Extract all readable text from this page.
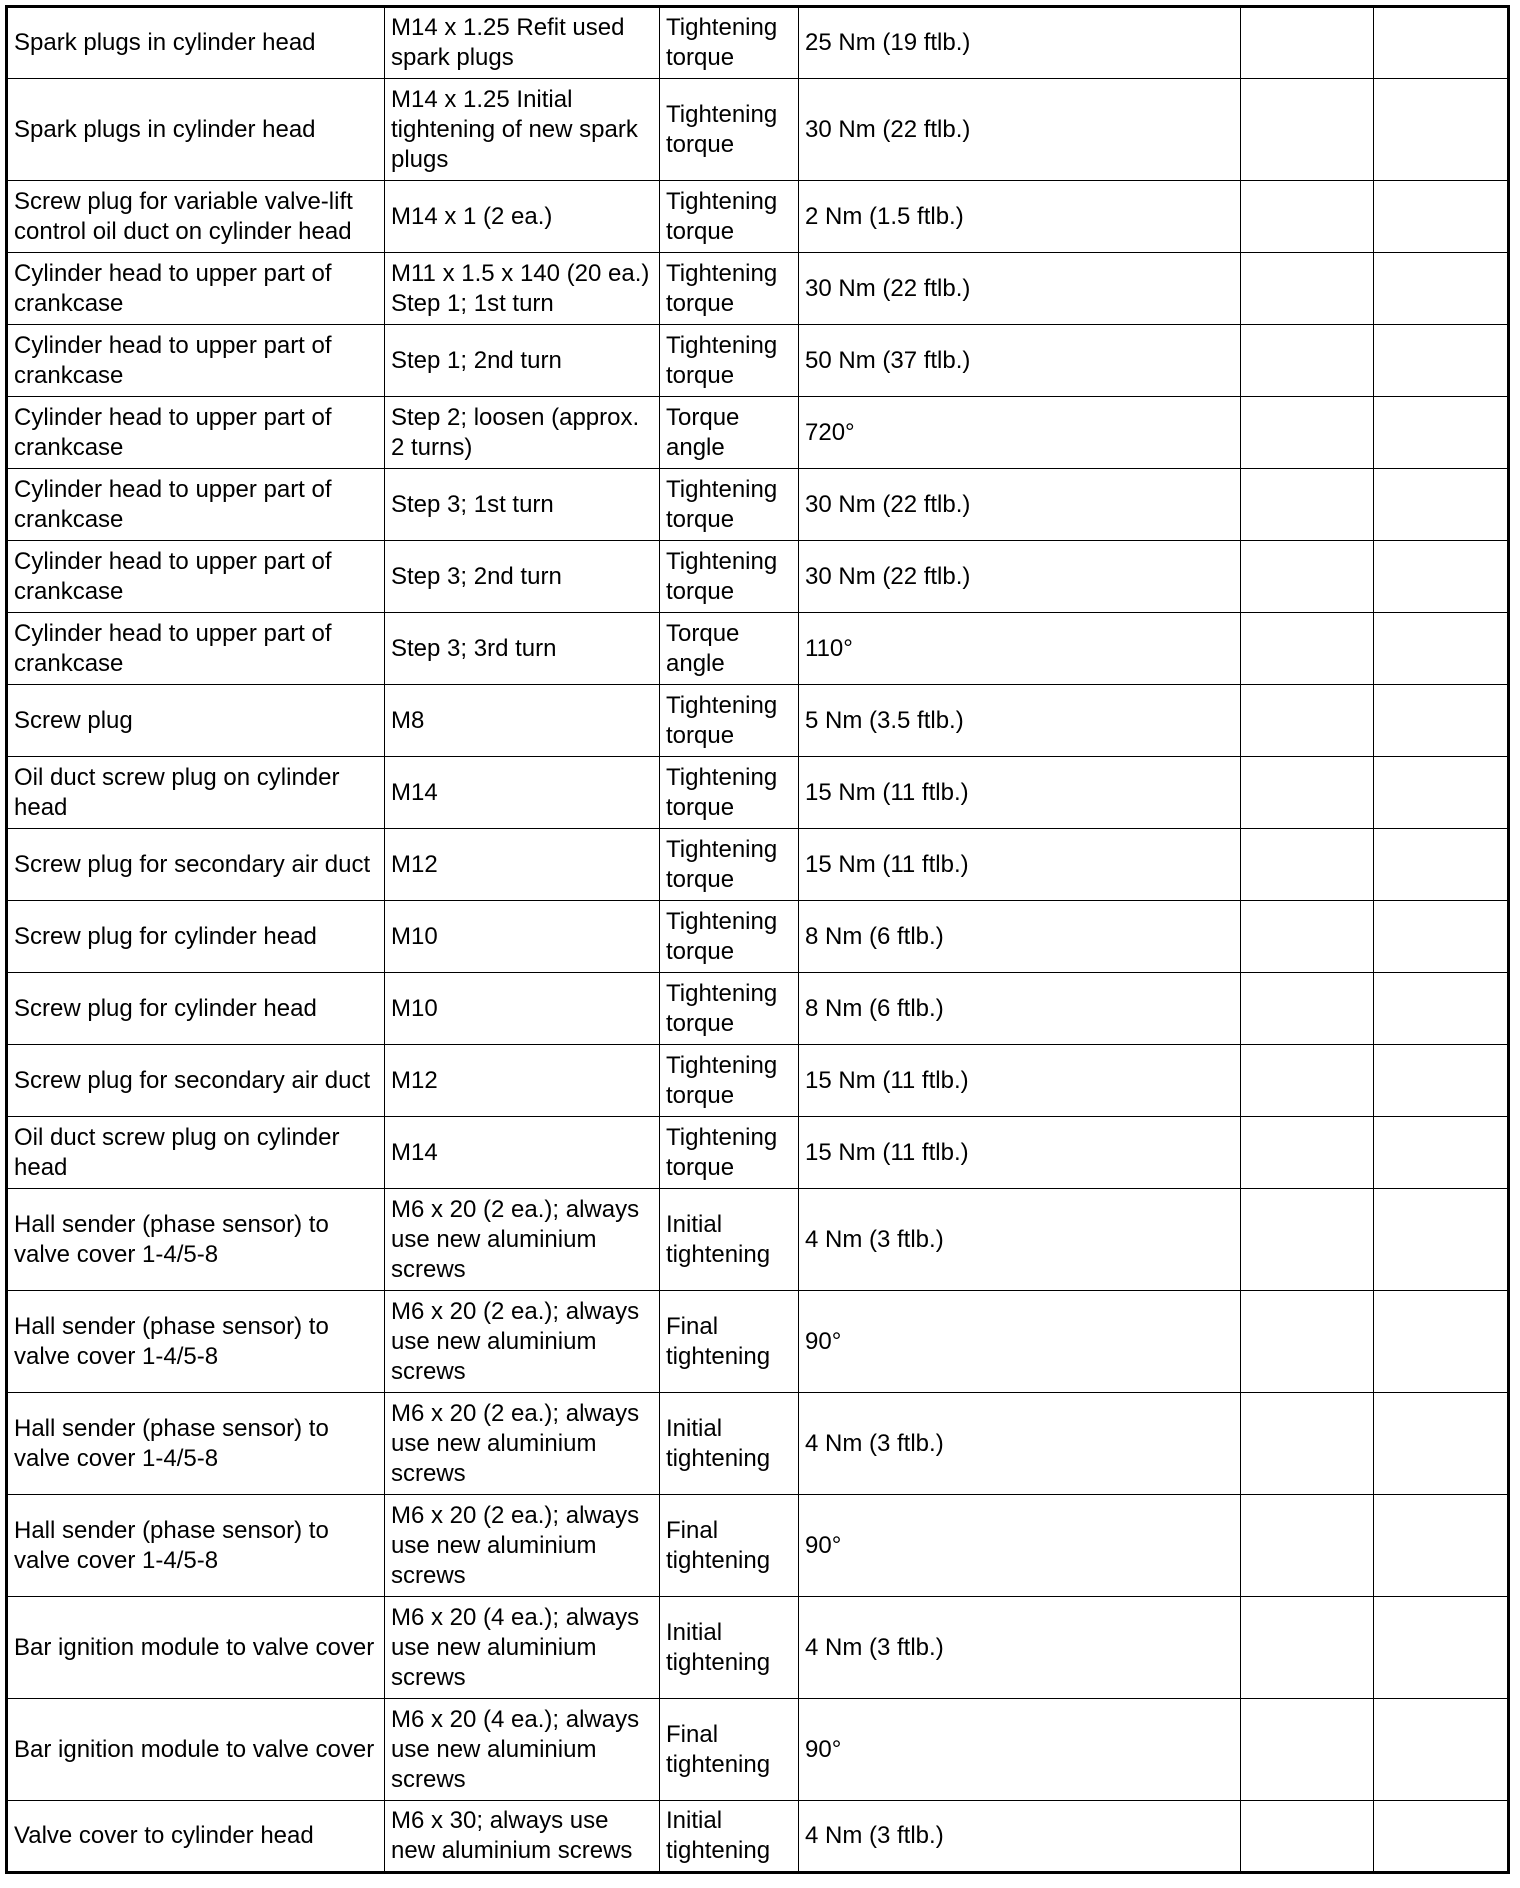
Spark plugs in cylinder head	M14 x 1.25 Refit used spark plugs	Tightening torque	25 Nm (19 ftlb.)		
Spark plugs in cylinder head	M14 x 1.25 Initial tightening of new spark plugs	Tightening torque	30 Nm (22 ftlb.)		
Screw plug for variable valve-lift control oil duct on cylinder head	M14 x 1 (2 ea.)	Tightening torque	2 Nm (1.5 ftlb.)		
Cylinder head to upper part of crankcase	M11 x 1.5 x 140 (20 ea.) Step 1; 1st turn	Tightening torque	30 Nm (22 ftlb.)		
Cylinder head to upper part of crankcase	Step 1; 2nd turn	Tightening torque	50 Nm (37 ftlb.)		
Cylinder head to upper part of crankcase	Step 2; loosen (approx. 2 turns)	Torque angle	720°		
Cylinder head to upper part of crankcase	Step 3; 1st turn	Tightening torque	30 Nm (22 ftlb.)		
Cylinder head to upper part of crankcase	Step 3; 2nd turn	Tightening torque	30 Nm (22 ftlb.)		
Cylinder head to upper part of crankcase	Step 3; 3rd turn	Torque angle	110°		
Screw plug	M8	Tightening torque	5 Nm (3.5 ftlb.)		
Oil duct screw plug on cylinder head	M14	Tightening torque	15 Nm (11 ftlb.)		
Screw plug for secondary air duct	M12	Tightening torque	15 Nm (11 ftlb.)		
Screw plug for cylinder head	M10	Tightening torque	8 Nm (6 ftlb.)		
Screw plug for cylinder head	M10	Tightening torque	8 Nm (6 ftlb.)		
Screw plug for secondary air duct	M12	Tightening torque	15 Nm (11 ftlb.)		
Oil duct screw plug on cylinder head	M14	Tightening torque	15 Nm (11 ftlb.)		
Hall sender (phase sensor) to valve cover 1-4/5-8	M6 x 20 (2 ea.); always use new aluminium screws	Initial tightening	4 Nm (3 ftlb.)		
Hall sender (phase sensor) to valve cover 1-4/5-8	M6 x 20 (2 ea.); always use new aluminium screws	Final tightening	90°		
Hall sender (phase sensor) to valve cover 1-4/5-8	M6 x 20 (2 ea.); always use new aluminium screws	Initial tightening	4 Nm (3 ftlb.)		
Hall sender (phase sensor) to valve cover 1-4/5-8	M6 x 20 (2 ea.); always use new aluminium screws	Final tightening	90°		
Bar ignition module to valve cover	M6 x 20 (4 ea.); always use new aluminium screws	Initial tightening	4 Nm (3 ftlb.)		
Bar ignition module to valve cover	M6 x 20 (4 ea.); always use new aluminium screws	Final tightening	90°		
Valve cover to cylinder head	M6 x 30; always use new aluminium screws	Initial tightening	4 Nm (3 ftlb.)		
